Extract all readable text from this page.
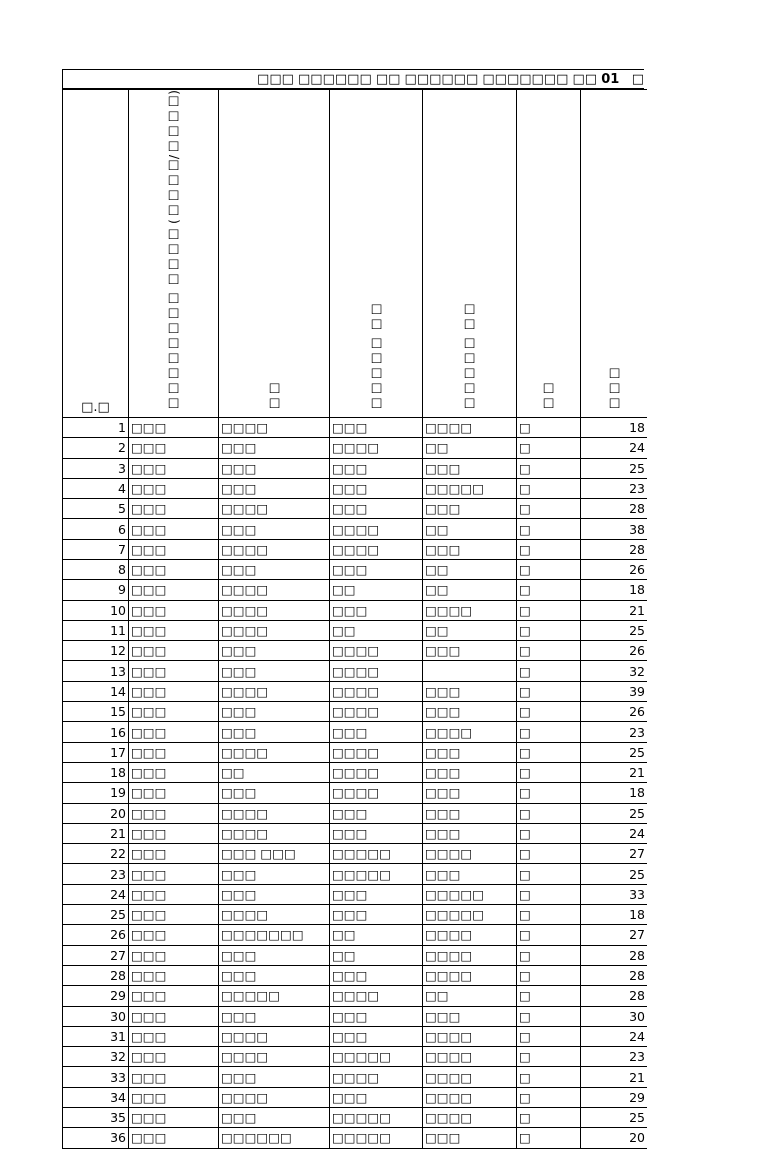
□□□ □□□□□□ □□ □□□□□□ □□□□□□□ □□ 01 □
□.□	□□□□□□□□ □□□□ (□□□□/□□□□)	□□	□□□□□ □□	□□□□□ □□	□□	□□□
1	□□□	□□□□	□□□	□□□□	□	18
2	□□□	□□□	□□□□	□□	□	24
3	□□□	□□□	□□□	□□□	□	25
4	□□□	□□□	□□□	□□□□□	□	23
5	□□□	□□□□	□□□	□□□	□	28
6	□□□	□□□	□□□□	□□	□	38
7	□□□	□□□□	□□□□	□□□	□	28
8	□□□	□□□	□□□	□□	□	26
9	□□□	□□□□	□□	□□	□	18
10	□□□	□□□□	□□□	□□□□	□	21
11	□□□	□□□□	□□	□□	□	25
12	□□□	□□□	□□□□	□□□	□	26
13	□□□	□□□	□□□□		□	32
14	□□□	□□□□	□□□□	□□□	□	39
15	□□□	□□□	□□□□	□□□	□	26
16	□□□	□□□	□□□	□□□□	□	23
17	□□□	□□□□	□□□□	□□□	□	25
18	□□□	□□	□□□□	□□□	□	21
19	□□□	□□□	□□□□	□□□	□	18
20	□□□	□□□□	□□□	□□□	□	25
21	□□□	□□□□	□□□	□□□	□	24
22	□□□	□□□ □□□	□□□□□	□□□□	□	27
23	□□□	□□□	□□□□□	□□□	□	25
24	□□□	□□□	□□□	□□□□□	□	33
25	□□□	□□□□	□□□	□□□□□	□	18
26	□□□	□□□□□□□	□□	□□□□	□	27
27	□□□	□□□	□□	□□□□	□	28
28	□□□	□□□	□□□	□□□□	□	28
29	□□□	□□□□□	□□□□	□□	□	28
30	□□□	□□□	□□□	□□□	□	30
31	□□□	□□□□	□□□	□□□□	□	24
32	□□□	□□□□	□□□□□	□□□□	□	23
33	□□□	□□□	□□□□	□□□□	□	21
34	□□□	□□□□	□□□	□□□□	□	29
35	□□□	□□□	□□□□□	□□□□	□	25
36	□□□	□□□□□□	□□□□□	□□□	□	20
